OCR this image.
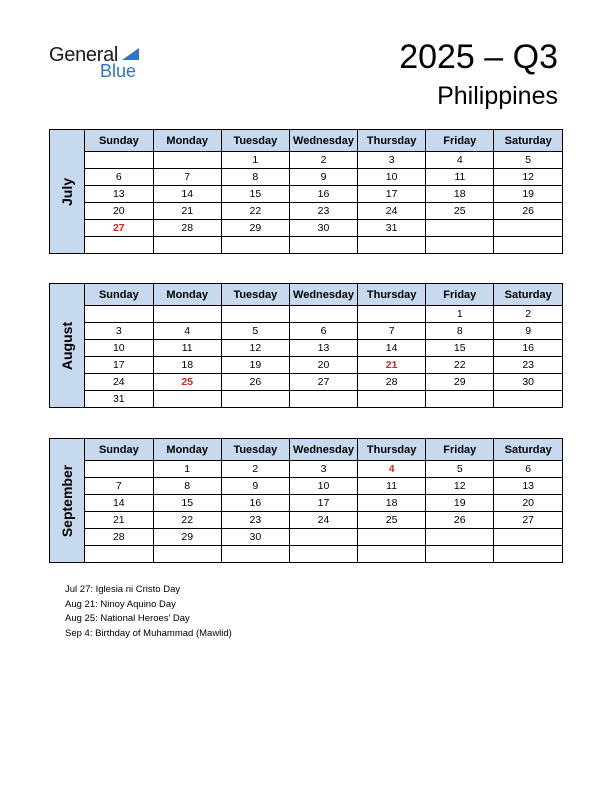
General
Blue	2025 – Q3
Philippines
July
Sunday	Monday	Tuesday	Wednesday	Thursday	Friday	Saturday
		1	2	3	4	5
6	7	8	9	10	11	12
13	14	15	16	17	18	19
20	21	22	23	24	25	26
27	28	29	30	31		

August
Sunday	Monday	Tuesday	Wednesday	Thursday	Friday	Saturday
					1	2
3	4	5	6	7	8	9
10	11	12	13	14	15	16
17	18	19	20	21	22	23
24	25	26	27	28	29	30
31						
September
Sunday	Monday	Tuesday	Wednesday	Thursday	Friday	Saturday
	1	2	3	4	5	6
7	8	9	10	11	12	13
14	15	16	17	18	19	20
21	22	23	24	25	26	27
28	29	30				

Jul 27: Iglesia ni Cristo Day
Aug 21: Ninoy Aquino Day
Aug 25: National Heroes’ Day
Sep 4: Birthday of Muhammad (Mawlid)
